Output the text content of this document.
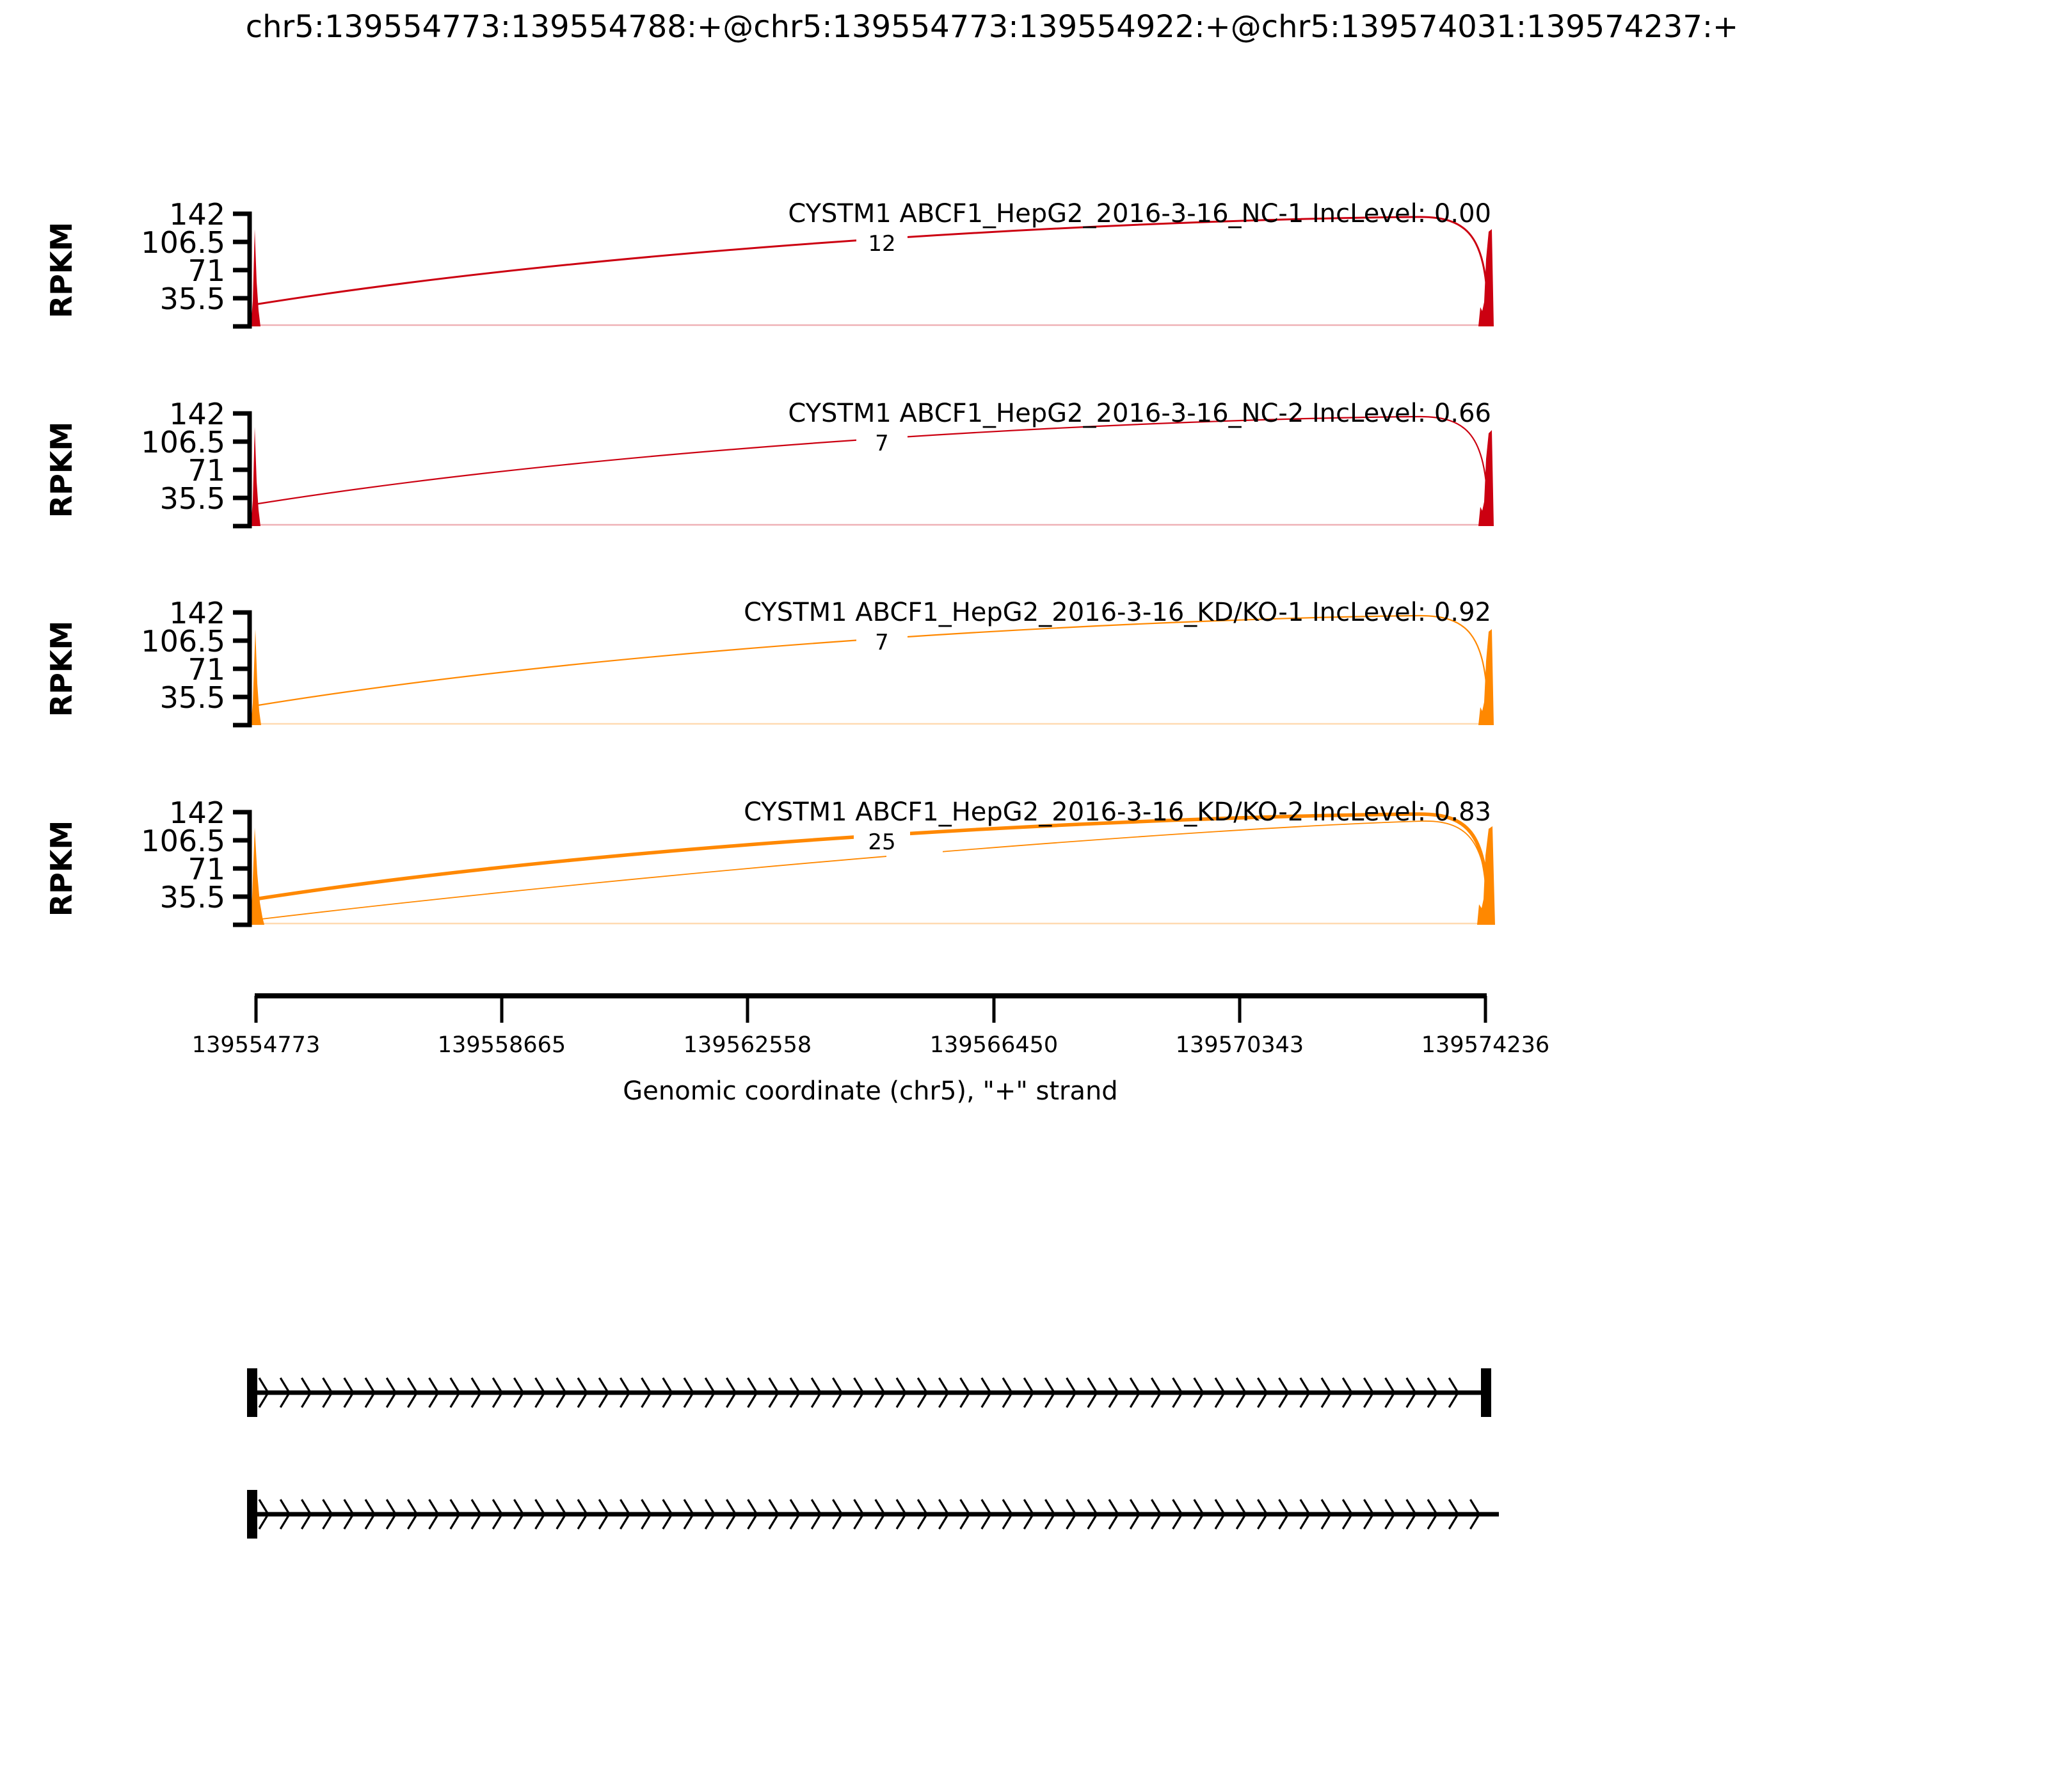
chr5:139554773:139554788:+@chr5:139554773:139554922:+@chr5:139574031:139574237:+
12
142
106.5
71
35.5
RPKM
CYSTM1 ABCF1_HepG2_2016-3-16_NC-1 IncLevel: 0.00
7
142
106.5
71
35.5
RPKM
CYSTM1 ABCF1_HepG2_2016-3-16_NC-2 IncLevel: 0.66
7
142
106.5
71
35.5
RPKM
CYSTM1 ABCF1_HepG2_2016-3-16_KD/KO-1 IncLevel: 0.92
25
142
106.5
71
35.5
RPKM
CYSTM1 ABCF1_HepG2_2016-3-16_KD/KO-2 IncLevel: 0.83
139554773	139558665	139562558	139566450	139570343	139574236
Genomic coordinate (chr5), "+" strand
